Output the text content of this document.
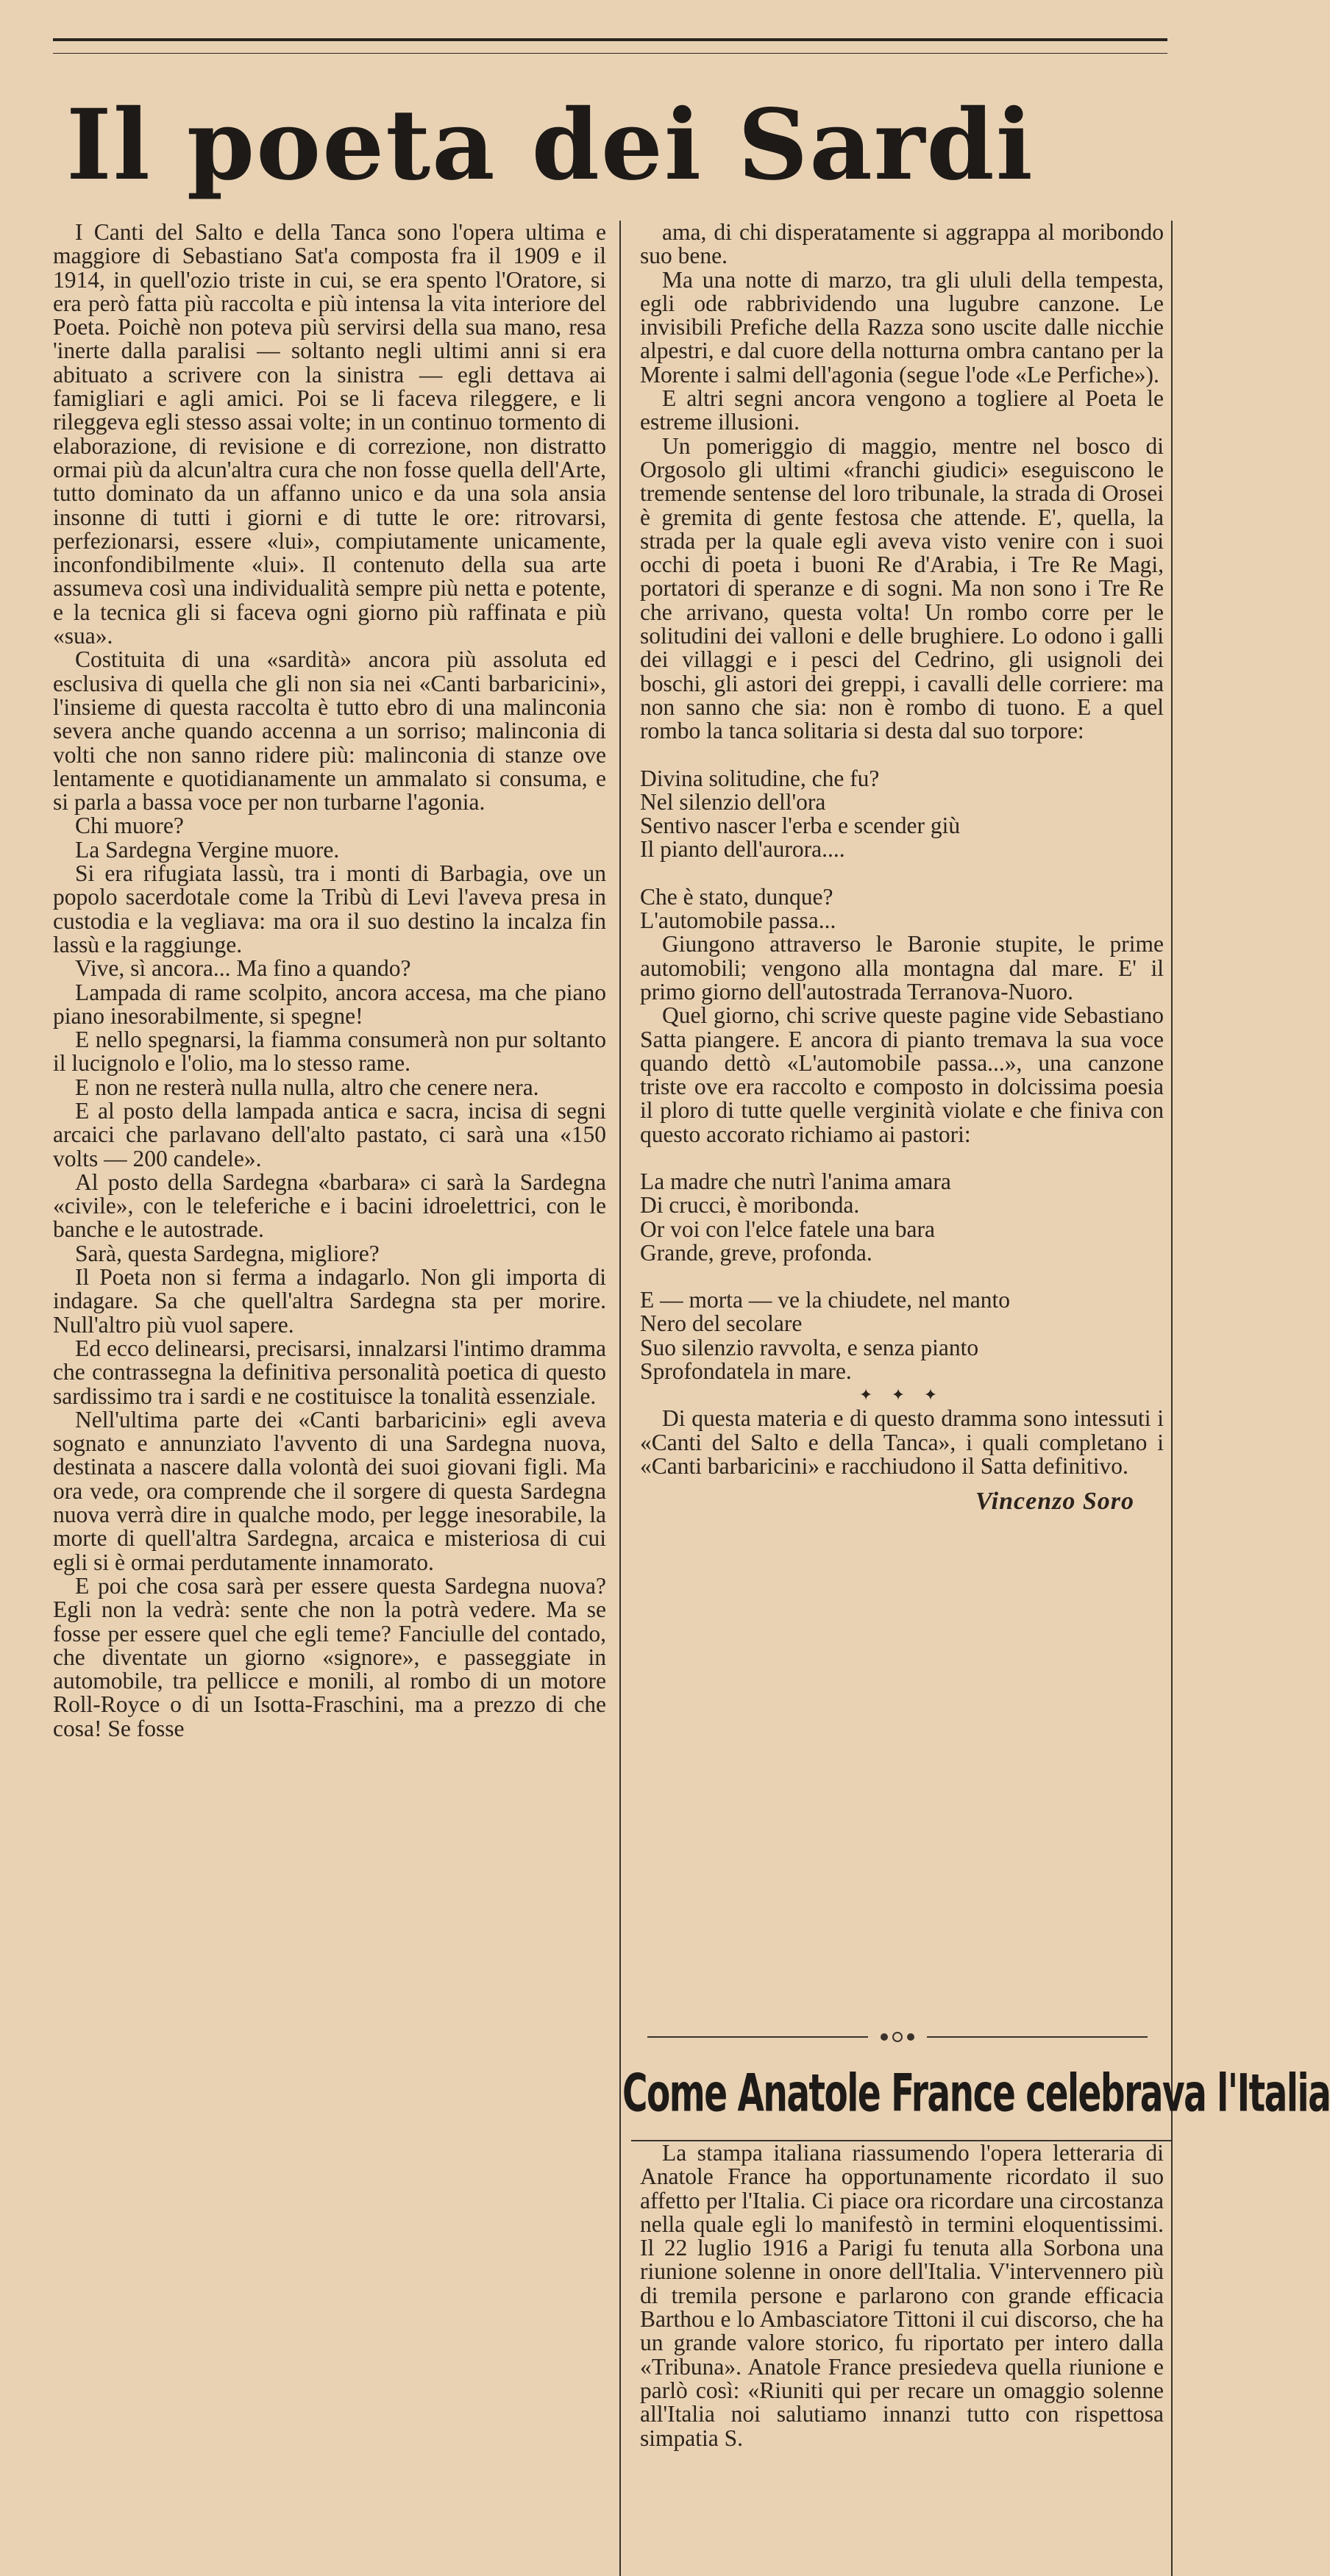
Il poeta dei Sardi

I Canti del Salto e della Tanca sono l'opera ultima e maggiore di Sebastiano Sat'a composta fra il 1909 e il 1914, in quell'ozio triste in cui, se era spento l'Oratore, si era però fatta più raccolta e più intensa la vita interiore del Poeta. Poichè non poteva più servirsi della sua mano, resa 'inerte dalla paralisi — soltanto negli ultimi anni si era abituato a scrivere con la sinistra — egli dettava ai famigliari e agli amici. Poi se li faceva rileggere, e li rileggeva egli stesso assai volte; in un continuo tormento di elaborazione, di revisione e di correzione, non distratto ormai più da alcun'altra cura che non fosse quella dell'Arte, tutto dominato da un affanno unico e da una sola ansia insonne di tutti i giorni e di tutte le ore: ritrovarsi, perfezionarsi, essere «lui», compiutamente unicamente, inconfondibilmente «lui». Il contenuto della sua arte assumeva così una individualità sempre più netta e potente, e la tecnica gli si faceva ogni giorno più raffinata e più «sua».

Costituita di una «sardità» ancora più assoluta ed esclusiva di quella che gli non sia nei «Canti barbaricini», l'insieme di questa raccolta è tutto ebro di una malinconia severa anche quando accenna a un sorriso; malinconia di volti che non sanno ridere più: malinconia di stanze ove lentamente e quotidianamente un ammalato si consuma, e si parla a bassa voce per non turbarne l'agonia.

Chi muore?

La Sardegna Vergine muore.

Si era rifugiata lassù, tra i monti di Barbagia, ove un popolo sacerdotale come la Tribù di Levi l'aveva presa in custodia e la vegliava: ma ora il suo destino la incalza fin lassù e la raggiunge.

Vive, sì ancora... Ma fino a quando?

Lampada di rame scolpito, ancora accesa, ma che piano piano inesorabilmente, si spegne!

E nello spegnarsi, la fiamma consumerà non pur soltanto il lucignolo e l'olio, ma lo stesso rame.

E non ne resterà nulla nulla, altro che cenere nera.

E al posto della lampada antica e sacra, incisa di segni arcaici che parlavano dell'alto pastato, ci sarà una «150 volts — 200 candele».

Al posto della Sardegna «barbara» ci sarà la Sardegna «civile», con le teleferiche e i bacini idroelettrici, con le banche e le autostrade.

Sarà, questa Sardegna, migliore?

Il Poeta non si ferma a indagarlo. Non gli importa di indagare. Sa che quell'altra Sardegna sta per morire. Null'altro più vuol sapere.

Ed ecco delinearsi, precisarsi, innalzarsi l'intimo dramma che contrassegna la definitiva personalità poetica di questo sardissimo tra i sardi e ne costituisce la tonalità essenziale.

Nell'ultima parte dei «Canti barbaricini» egli aveva sognato e annunziato l'avvento di una Sardegna nuova, destinata a nascere dalla volontà dei suoi giovani figli. Ma ora vede, ora comprende che il sorgere di questa Sardegna nuova verrà dire in qualche modo, per legge inesorabile, la morte di quell'altra Sardegna, arcaica e misteriosa di cui egli si è ormai perdutamente innamorato.

E poi che cosa sarà per essere questa Sardegna nuova? Egli non la vedrà: sente che non la potrà vedere. Ma se fosse per essere quel che egli teme? Fanciulle del contado, che diventate un giorno «signore», e passeggiate in automobile, tra pellicce e monili, al rombo di un motore Roll-Royce o di un Isotta-Fraschini, ma a prezzo di che cosa! Se fosse

ama, di chi disperatamente si aggrappa al moribondo suo bene.

Ma una notte di marzo, tra gli ululi della tempesta, egli ode rabbrividendo una lugubre canzone. Le invisibili Prefiche della Razza sono uscite dalle nicchie alpestri, e dal cuore della notturna ombra cantano per la Morente i salmi dell'agonia (segue l'ode «Le Perfiche»).

E altri segni ancora vengono a togliere al Poeta le estreme illusioni.

Un pomeriggio di maggio, mentre nel bosco di Orgosolo gli ultimi «franchi giudici» eseguiscono le tremende sentense del loro tribunale, la strada di Orosei è gremita di gente festosa che attende. E', quella, la strada per la quale egli aveva visto venire con i suoi occhi di poeta i buoni Re d'Arabia, i Tre Re Magi, portatori di speranze e di sogni. Ma non sono i Tre Re che arrivano, questa volta! Un rombo corre per le solitudini dei valloni e delle brughiere. Lo odono i galli dei villaggi e i pesci del Cedrino, gli usignoli dei boschi, gli astori dei greppi, i cavalli delle corriere: ma non sanno che sia: non è rombo di tuono. E a quel rombo la tanca solitaria si desta dal suo torpore:

Divina solitudine, che fu?
Nel silenzio dell'ora
Sentivo nascer l'erba e scender giù
Il pianto dell'aurora....
Che è stato, dunque?
L'automobile passa...

Giungono attraverso le Baronie stupite, le prime automobili; vengono alla montagna dal mare. E' il primo giorno dell'autostrada Terranova-Nuoro.

Quel giorno, chi scrive queste pagine vide Sebastiano Satta piangere. E ancora di pianto tremava la sua voce quando dettò «L'automobile passa...», una canzone triste ove era raccolto e composto in dolcissima poesia il ploro di tutte quelle verginità violate e che finiva con questo accorato richiamo ai pastori:

La madre che nutrì l'anima amara
Di crucci, è moribonda.
Or voi con l'elce fatele una bara
Grande, greve, profonda.
E — morta — ve la chiudete, nel manto
Nero del secolare
Suo silenzio ravvolta, e senza pianto
Sprofondatela in mare.
✦ ✦ ✦

Di questa materia e di questo dramma sono intessuti i «Canti del Salto e della Tanca», i quali completano i «Canti barbaricini» e racchiudono il Satta definitivo.

Vincenzo Soro
Come Anatole France celebrava l'Italia

La stampa italiana riassumendo l'opera letteraria di Anatole France ha opportunamente ricordato il suo affetto per l'Italia. Ci piace ora ricordare una circostanza nella quale egli lo manifestò in termini eloquentissimi. Il 22 luglio 1916 a Parigi fu tenuta alla Sorbona una riunione solenne in onore dell'Italia. V'intervennero più di tremila persone e parlarono con grande efficacia Barthou e lo Ambasciatore Tittoni il cui discorso, che ha un grande valore storico, fu riportato per intero dalla «Tribuna». Anatole France presiedeva quella riunione e parlò così: «Riuniti qui per recare un omaggio solenne all'Italia noi salutiamo innanzi tutto con rispettosa simpatia S.
